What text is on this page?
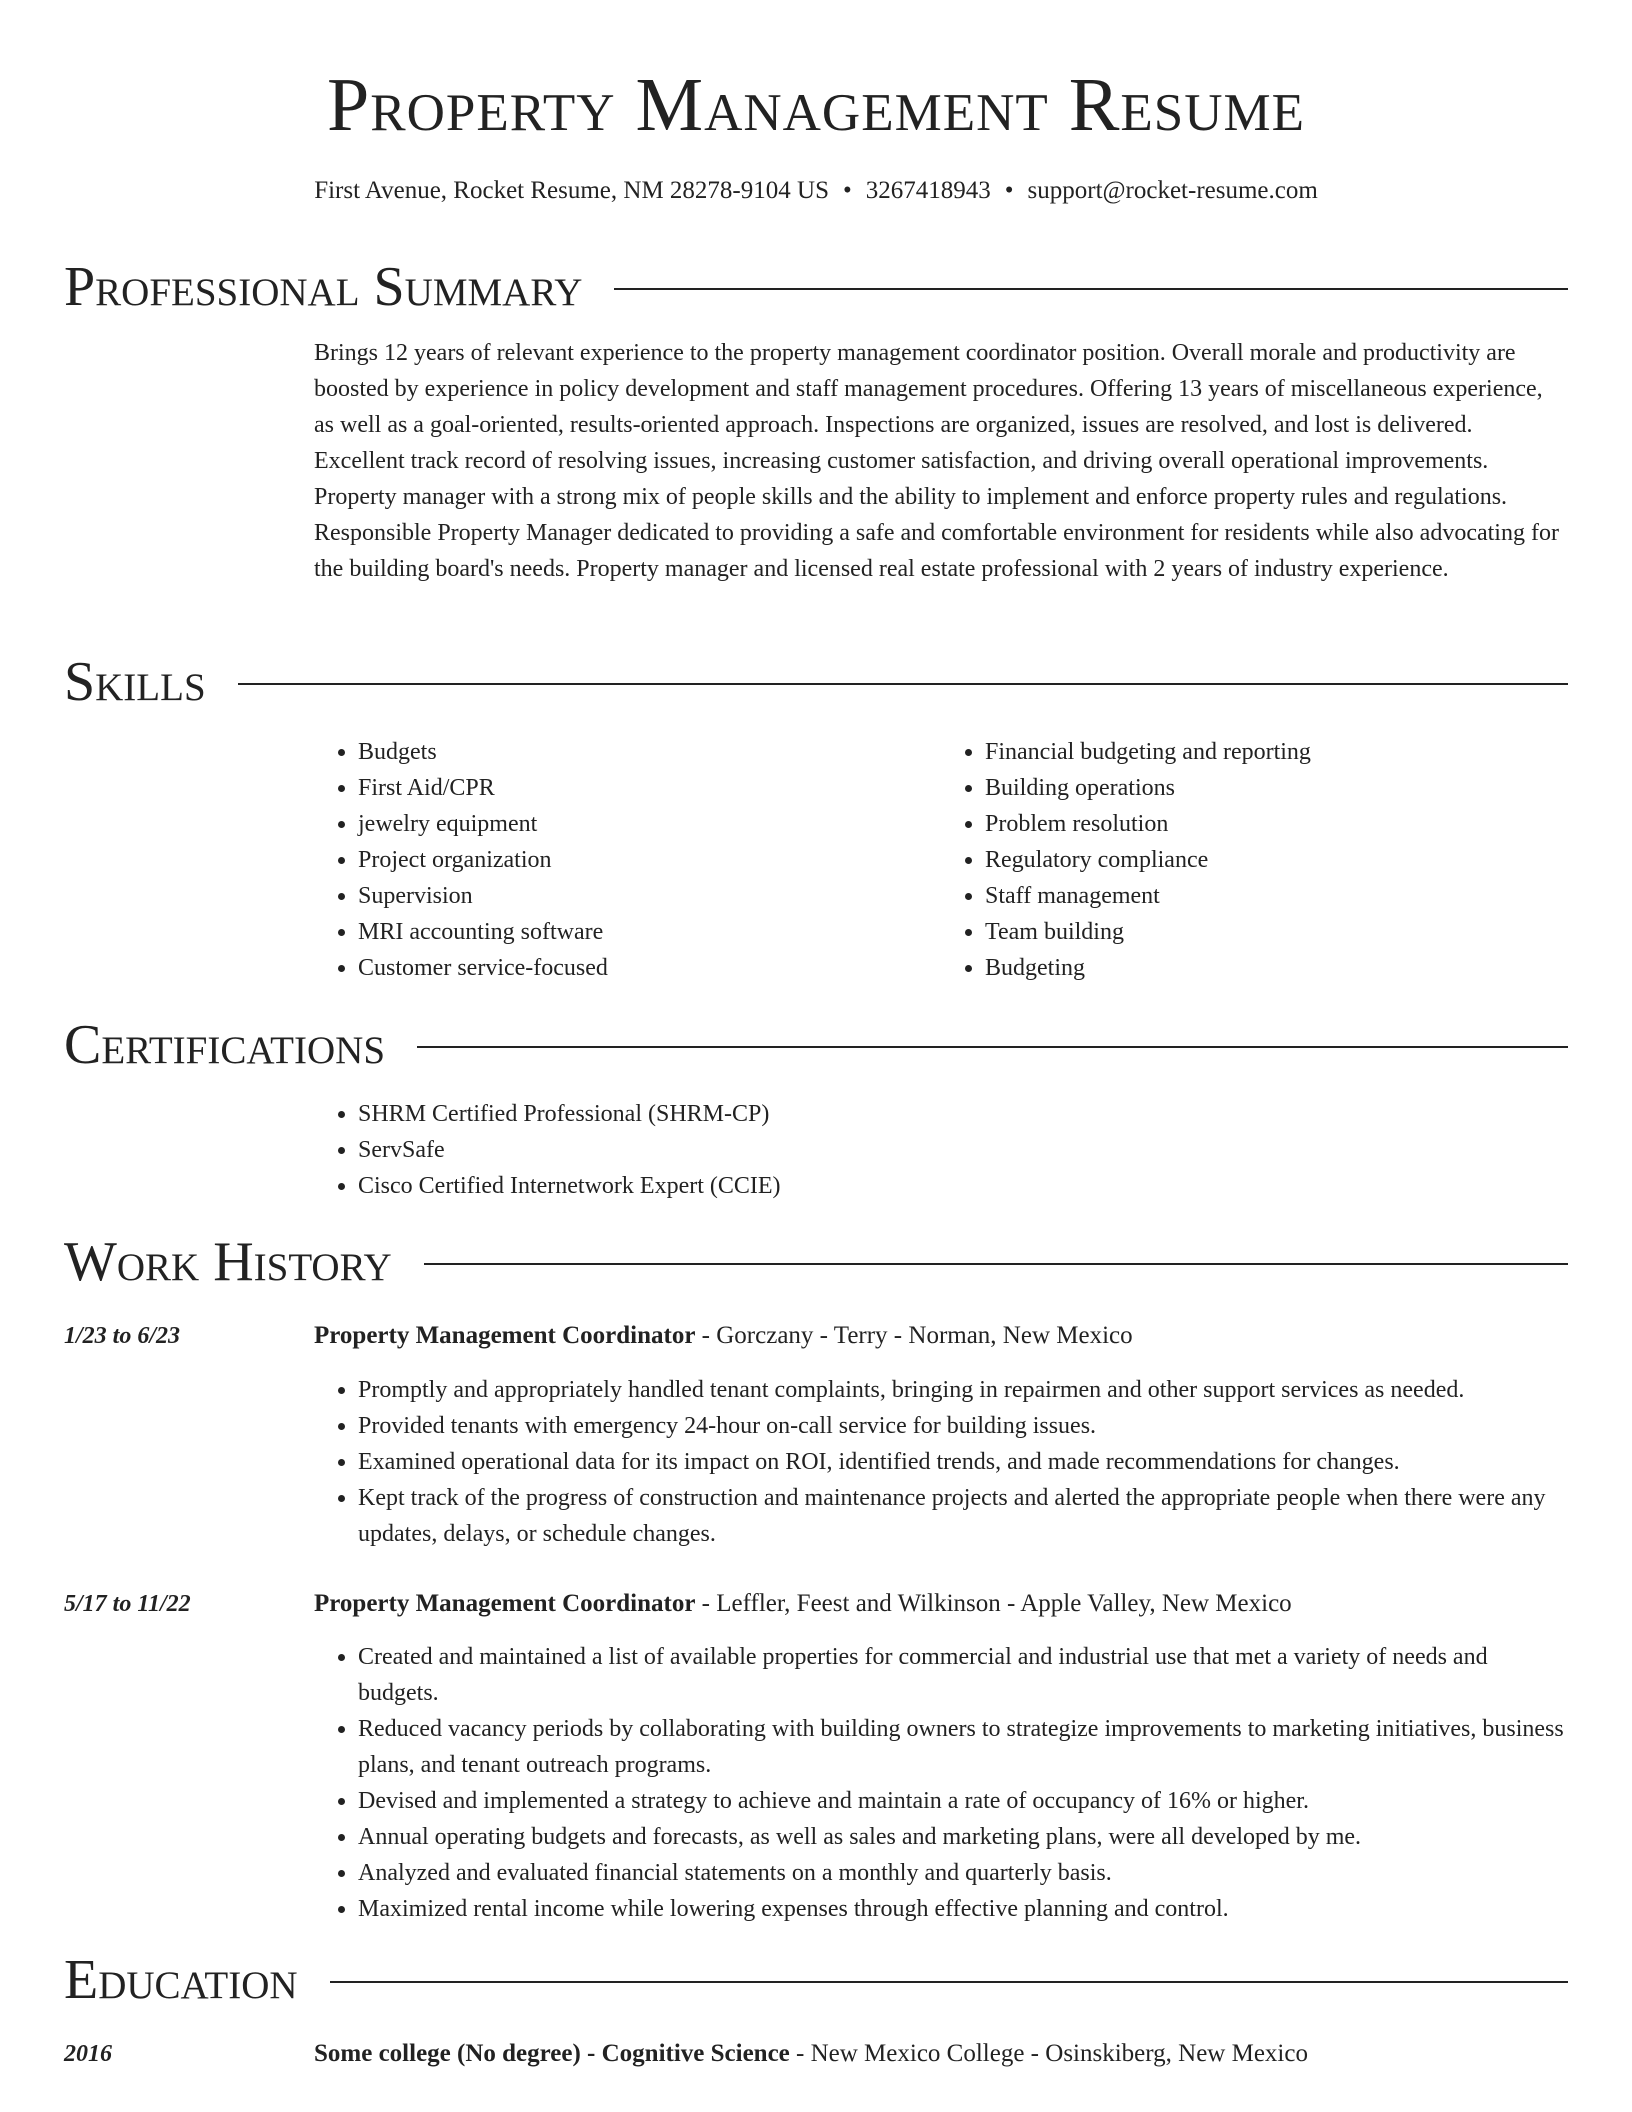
Property Management Resume
First Avenue, Rocket Resume, NM 28278-9104 US • 3267418943 • support@rocket-resume.com
Professional Summary

Brings 12 years of relevant experience to the property management coordinator position. Overall morale and productivity are boosted by experience in policy development and staff management procedures. Offering 13 years of miscellaneous experience, as well as a goal-oriented, results-oriented approach. Inspections are organized, issues are resolved, and lost is delivered. Excellent track record of resolving issues, increasing customer satisfaction, and driving overall operational improvements. Property manager with a strong mix of people skills and the ability to implement and enforce property rules and regulations. Responsible Property Manager dedicated to providing a safe and comfortable environment for residents while also advocating for the building board's needs. Property manager and licensed real estate professional with 2 years of industry experience.

Skills
• Budgets
• First Aid/CPR
• jewelry equipment
• Project organization
• Supervision
• MRI accounting software
• Customer service-focused
• Financial budgeting and reporting
• Building operations
• Problem resolution
• Regulatory compliance
• Staff management
• Team building
• Budgeting
Certifications
• SHRM Certified Professional (SHRM-CP)
• ServSafe
• Cisco Certified Internetwork Expert (CCIE)
Work History
1/23 to 6/23	Property Management Coordinator - Gorczany - Terry - Norman, New Mexico
• Promptly and appropriately handled tenant complaints, bringing in repairmen and other support services as needed.
• Provided tenants with emergency 24-hour on-call service for building issues.
• Examined operational data for its impact on ROI, identified trends, and made recommendations for changes.
• Kept track of the progress of construction and maintenance projects and alerted the appropriate people when there were any updates, delays, or schedule changes.
5/17 to 11/22	Property Management Coordinator - Leffler, Feest and Wilkinson - Apple Valley, New Mexico
• Created and maintained a list of available properties for commercial and industrial use that met a variety of needs and budgets.
• Reduced vacancy periods by collaborating with building owners to strategize improvements to marketing initiatives, business plans, and tenant outreach programs.
• Devised and implemented a strategy to achieve and maintain a rate of occupancy of 16% or higher.
• Annual operating budgets and forecasts, as well as sales and marketing plans, were all developed by me.
• Analyzed and evaluated financial statements on a monthly and quarterly basis.
• Maximized rental income while lowering expenses through effective planning and control.
Education
2016	Some college (No degree) - Cognitive Science - New Mexico College - Osinskiberg, New Mexico
